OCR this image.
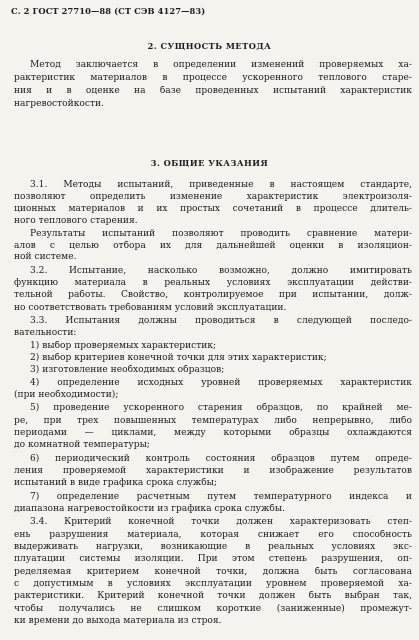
С. 2 ГОСТ 27710—88 (СТ СЭВ 4127—83)
2. СУЩНОСТЬ МЕТОДА
Метод заключается в определении изменений проверяемых ха-
рактеристик материалов в процессе ускоренного теплового старе-
ния и в оценке на базе проведенных испытаний характеристик
нагревостойкости.
3. ОБЩИЕ УКАЗАНИЯ
3.1. Методы испытаний, приведенные в настоящем стандарте,
позволяют определить изменение характеристик электроизоля-
ционных материалов и их простых сочетаний в процессе длитель-
ного теплового старения.
Результаты испытаний позволяют проводить сравнение матери-
алов с целью отбора их для дальнейшей оценки в изоляцион-
ной системе.
3.2. Испытание, насколько возможно, должно имитировать
функцию материала в реальных условиях эксплуатации действи-
тельной работы. Свойство, контролируемое при испытании, долж-
но соответствовать требованиям условий эксплуатации.
3.3. Испытания должны проводиться в следующей последо-
вательности:
1) выбор проверяемых характеристик;
2) выбор критериев конечной точки для этих характеристик;
3) изготовление необходимых образцов;
4) определение исходных уровней проверяемых характеристик
(при необходимости);
5) проведение ускоренного старения образцов, по крайней ме-
ре, при трех повышенных температурах либо непрерывно, либо
периодами — циклами, между которыми образцы охлаждаются
до комнатной температуры;
6) периодический контроль состояния образцов путем опреде-
ления проверяемой характеристики и изображение результатов
испытаний в виде графика срока службы;
7) определение расчетным путем температурного индекса и
диапазона нагревостойкости из графика срока службы.
3.4. Критерий конечной точки должен характеризовать степ-
ень разрушения материала, которая снижает его способность
выдерживать нагрузки, возникающие в реальных условиях экс-
плуатации системы изоляции. При этом степень разрушения, оп-
ределяемая критерием конечной точки, должна быть согласована
с допустимым в условиях эксплуатации уровнем проверяемой ха-
рактеристики. Критерий конечной точки должен быть выбран так,
чтобы получались не слишком короткие (заниженные) промежут-
ки времени до выхода материала из строя.
